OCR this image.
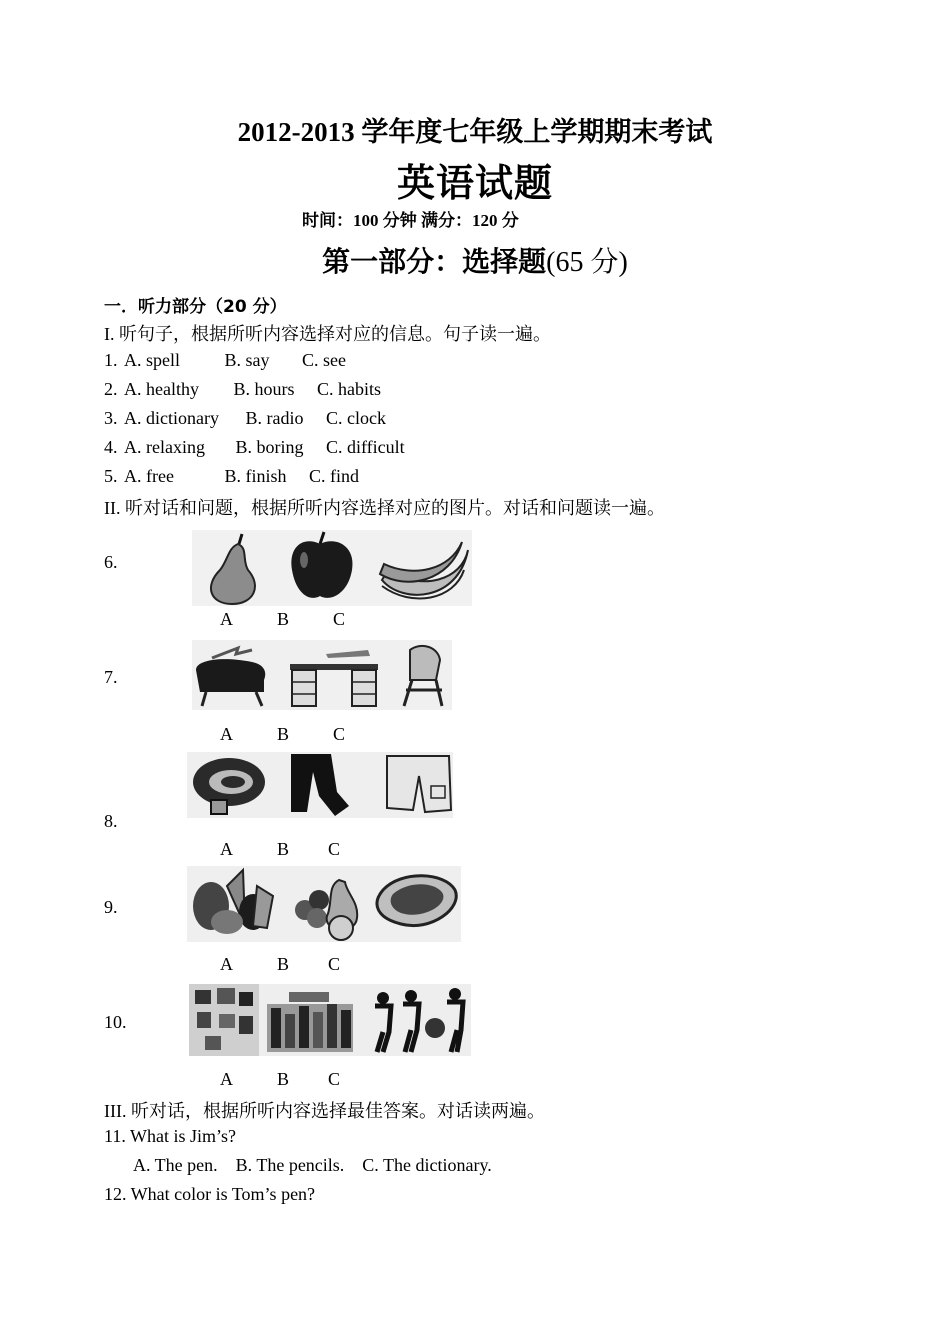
2012-2013 学年度七年级上学期期末考试
英语试题
时间：100 分钟 满分：120 分
第一部分：选择题(65 分)
一．听力部分（20 分）
I. 听句子，根据所听内容选择对应的信息。句子读一遍。
1. A. spell B. say C. see
2. A. healthy B. hours C. habits
3. A. dictionary B. radio C. clock
4. A. relaxing B. boring C. difficult
5. A. free	B. finish C. find
II. 听对话和问题，根据所听内容选择对应的图片。对话和问题读一遍。
6.
A B C
7.
A B C
8.
A B C
9.
A B C
10.
A B C
III. 听对话，根据所听内容选择最佳答案。对话读两遍。
11. What is Jim’s?
A. The pen.    B. The pencils.    C. The dictionary.
12. What color is Tom’s pen?
